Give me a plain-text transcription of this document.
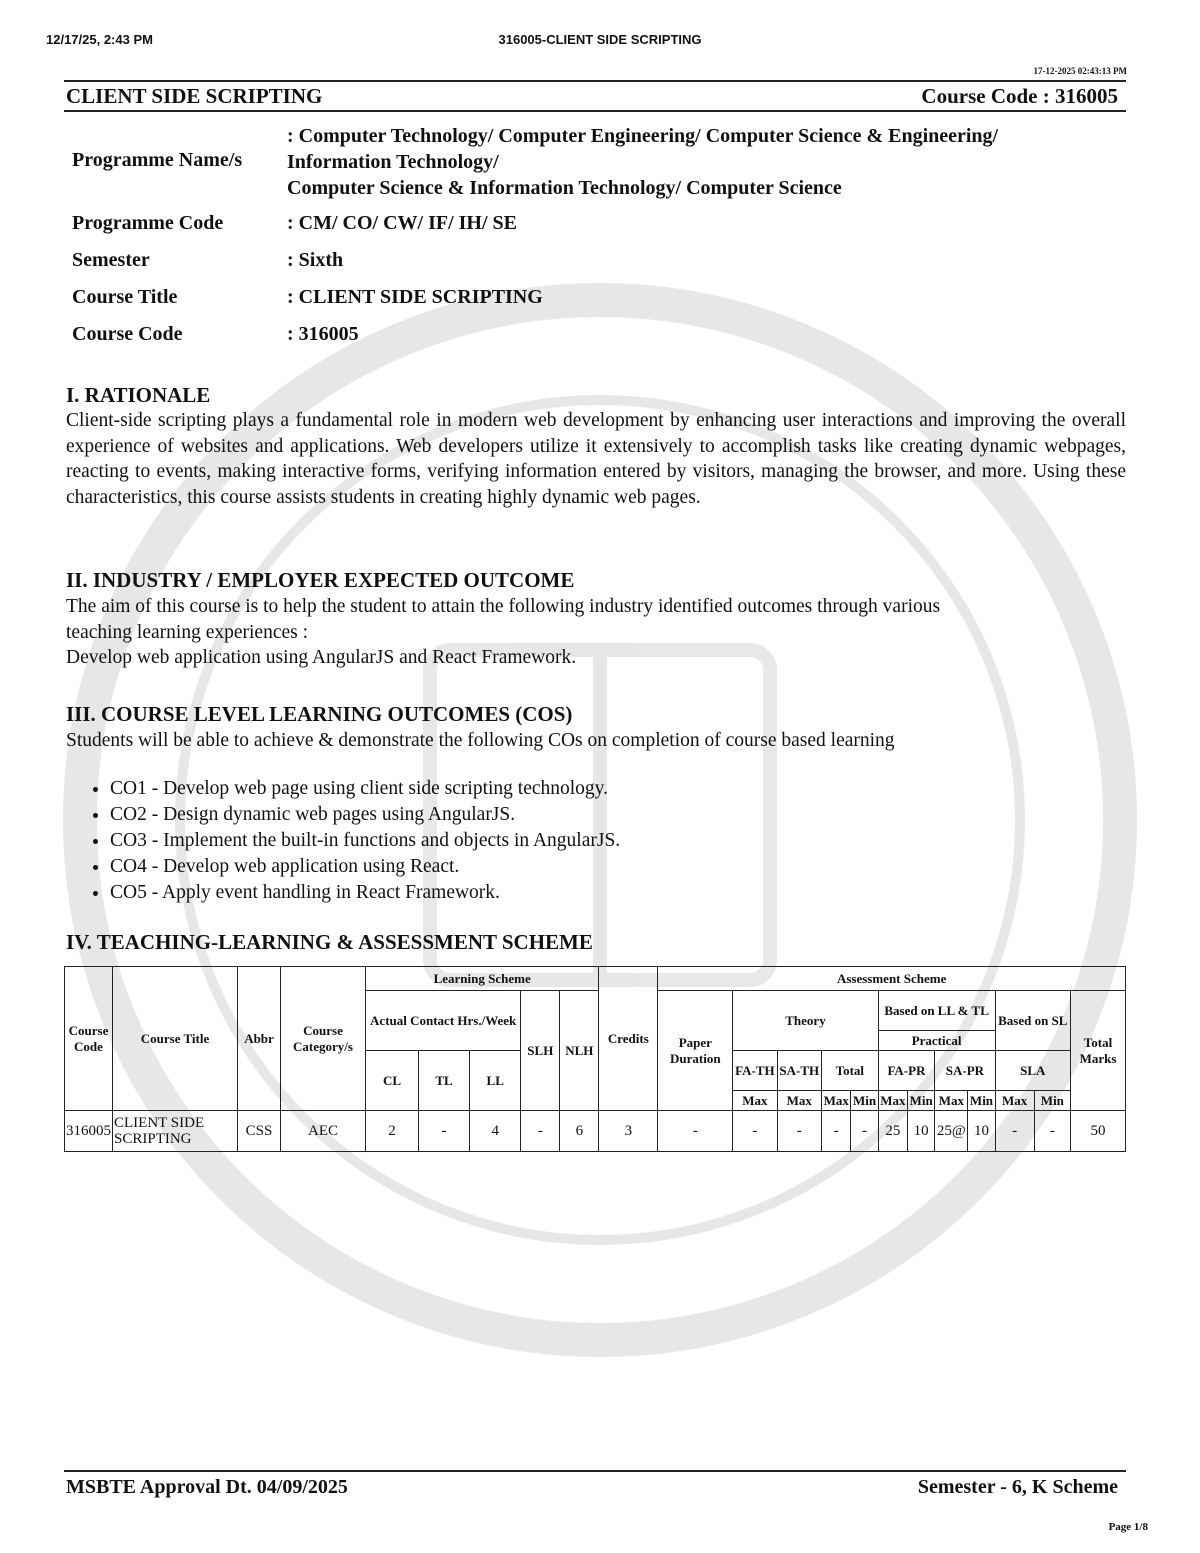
12/17/25, 2:43 PM	316005-CLIENT SIDE SCRIPTING
17-12-2025 02:43:13 PM
CLIENT SIDE SCRIPTING	Course Code : 316005
Programme Name/s
: Computer Technology/ Computer Engineering/ Computer Science & Engineering/
Information Technology/
Computer Science & Information Technology/ Computer Science
Programme Code	: CM/ CO/ CW/ IF/ IH/ SE
Semester	: Sixth
Course Title	: CLIENT SIDE SCRIPTING
Course Code	: 316005
I. RATIONALE
Client-side scripting plays a fundamental role in modern web development by enhancing user interactions and improving the overall experience of websites and applications. Web developers utilize it extensively to accomplish tasks like creating dynamic webpages, reacting to events, making interactive forms, verifying information entered by visitors, managing the browser, and more. Using these characteristics, this course assists students in creating highly dynamic web pages.
II. INDUSTRY / EMPLOYER EXPECTED OUTCOME
The aim of this course is to help the student to attain the following industry identified outcomes through various
teaching learning experiences :
Develop web application using AngularJS and React Framework.
III. COURSE LEVEL LEARNING OUTCOMES (COS)
Students will be able to achieve & demonstrate the following COs on completion of course based learning
• CO1 - Develop web page using client side scripting technology.
• CO2 - Design dynamic web pages using AngularJS.
• CO3 - Implement the built-in functions and objects in AngularJS.
• CO4 - Develop web application using React.
• CO5 - Apply event handling in React Framework.
IV. TEACHING-LEARNING & ASSESSMENT SCHEME
Course Code	Course Title	Abbr	Course Category/s	Learning Scheme					Credits	Assessment Scheme											
				Actual Contact Hrs./Week			SLH	NLH		Paper Duration	Theory				Based on LL & TL				Based on SL		Total Marks
															Practical						
				CL	TL	LL					FA-TH	SA-TH	Total		FA-PR		SA-PR		SLA		
											Max	Max	Max	Min	Max	Min	Max	Min	Max	Min	
316005	CLIENT SIDE SCRIPTING	CSS	AEC	2	-	4	-	6	3	-	-	-	-	-	25	10	25@	10	-	-	50
MSBTE Approval Dt. 04/09/2025	Semester - 6, K Scheme
Page 1/8
